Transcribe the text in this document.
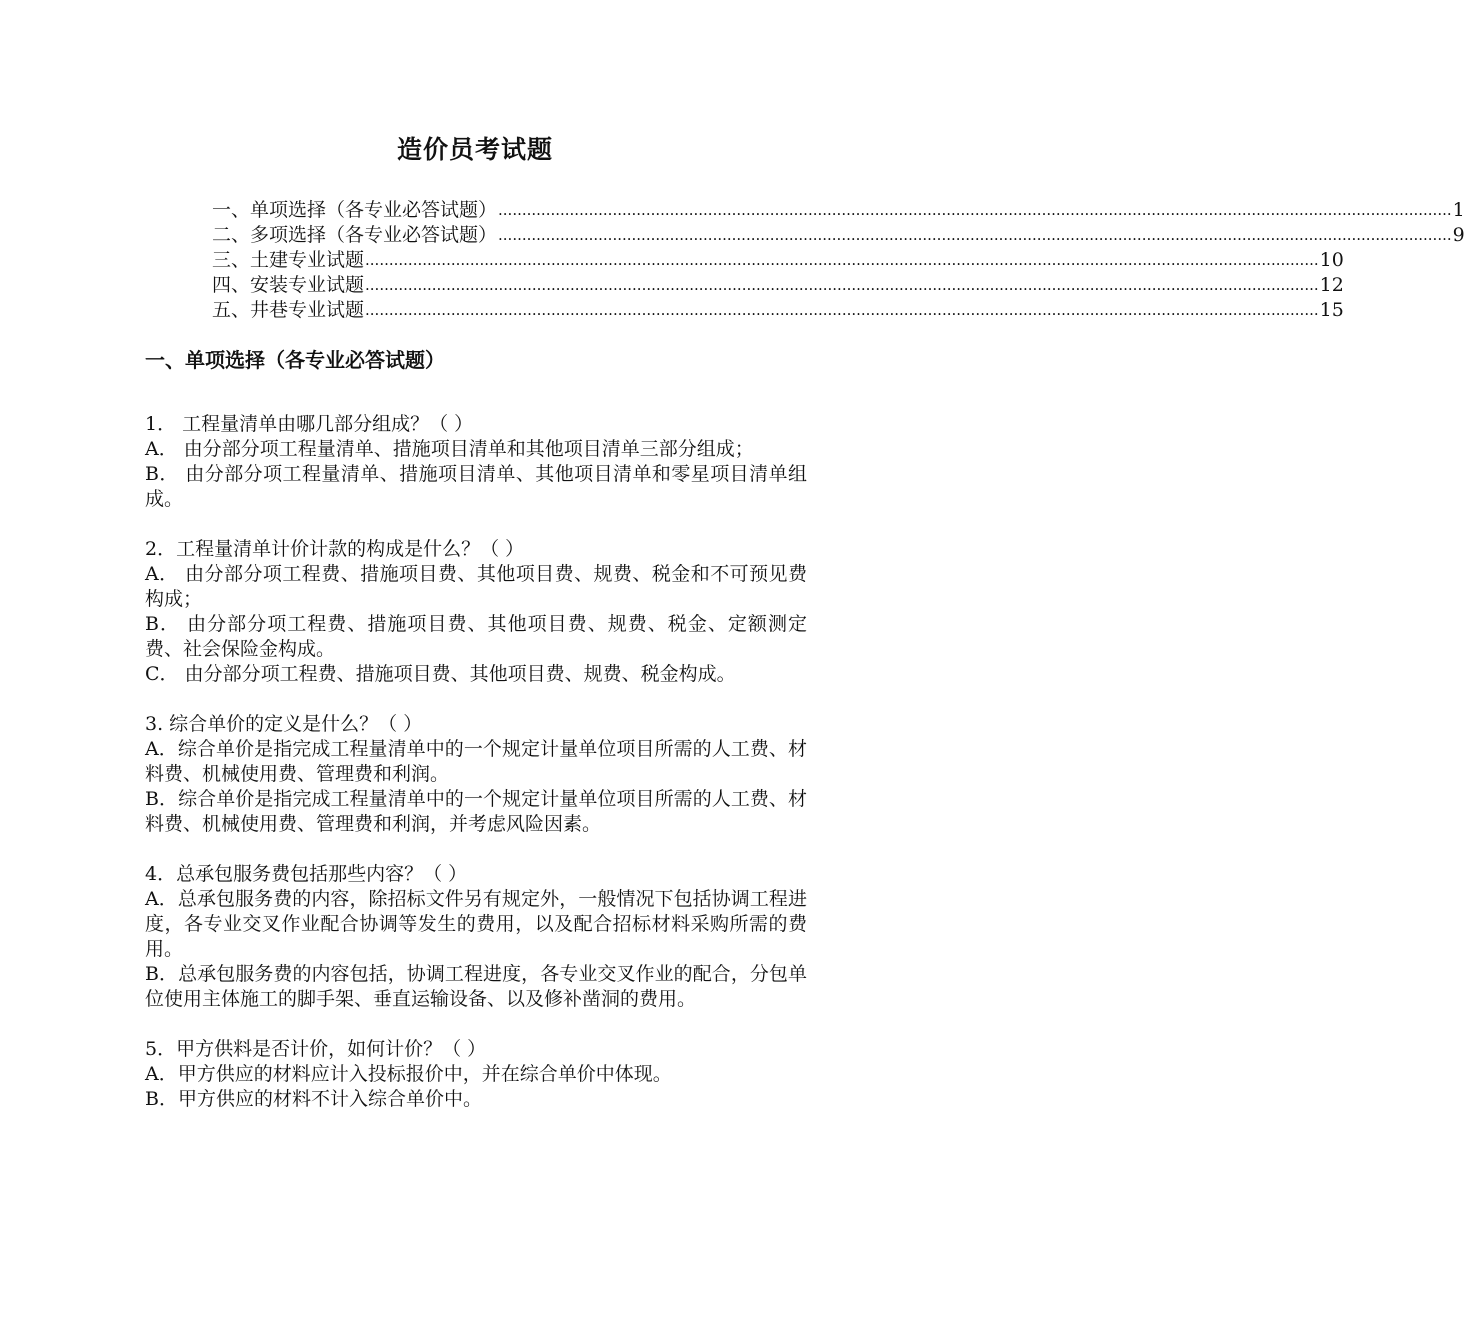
造价员考试题
一、单项选择（各专业必答试题） ........................................................................................................................................................................................................ 1
二、多项选择（各专业必答试题） ........................................................................................................................................................................................................ 9
三、土建专业试题 ........................................................................................................................................................................................................ 10
四、安装专业试题 ........................................................................................................................................................................................................ 12
五、井巷专业试题 ........................................................................................................................................................................................................ 15
一、单项选择（各专业必答试题）

1． 工程量清单由哪几部分组成？（ ）

A． 由分部分项工程量清单、措施项目清单和其他项目清单三部分组成；

B． 由分部分项工程量清单、措施项目清单、其他项目清单和零星项目清单组成。

2．工程量清单计价计款的构成是什么？（ ）

A． 由分部分项工程费、措施项目费、其他项目费、规费、税金和不可预见费构成；

B． 由分部分项工程费、措施项目费、其他项目费、规费、税金、定额测定费、社会保险金构成。

C． 由分部分项工程费、措施项目费、其他项目费、规费、税金构成。

3. 综合单价的定义是什么？（ ）

A．综合单价是指完成工程量清单中的一个规定计量单位项目所需的人工费、材料费、机械使用费、管理费和利润。

B．综合单价是指完成工程量清单中的一个规定计量单位项目所需的人工费、材料费、机械使用费、管理费和利润，并考虑风险因素。

4．总承包服务费包括那些内容？（ ）

A．总承包服务费的内容，除招标文件另有规定外，一般情况下包括协调工程进度，各专业交叉作业配合协调等发生的费用，以及配合招标材料采购所需的费用。

B．总承包服务费的内容包括，协调工程进度，各专业交叉作业的配合，分包单位使用主体施工的脚手架、垂直运输设备、以及修补凿洞的费用。

5．甲方供料是否计价，如何计价？（ ）

A．甲方供应的材料应计入投标报价中，并在综合单价中体现。

B．甲方供应的材料不计入综合单价中。
